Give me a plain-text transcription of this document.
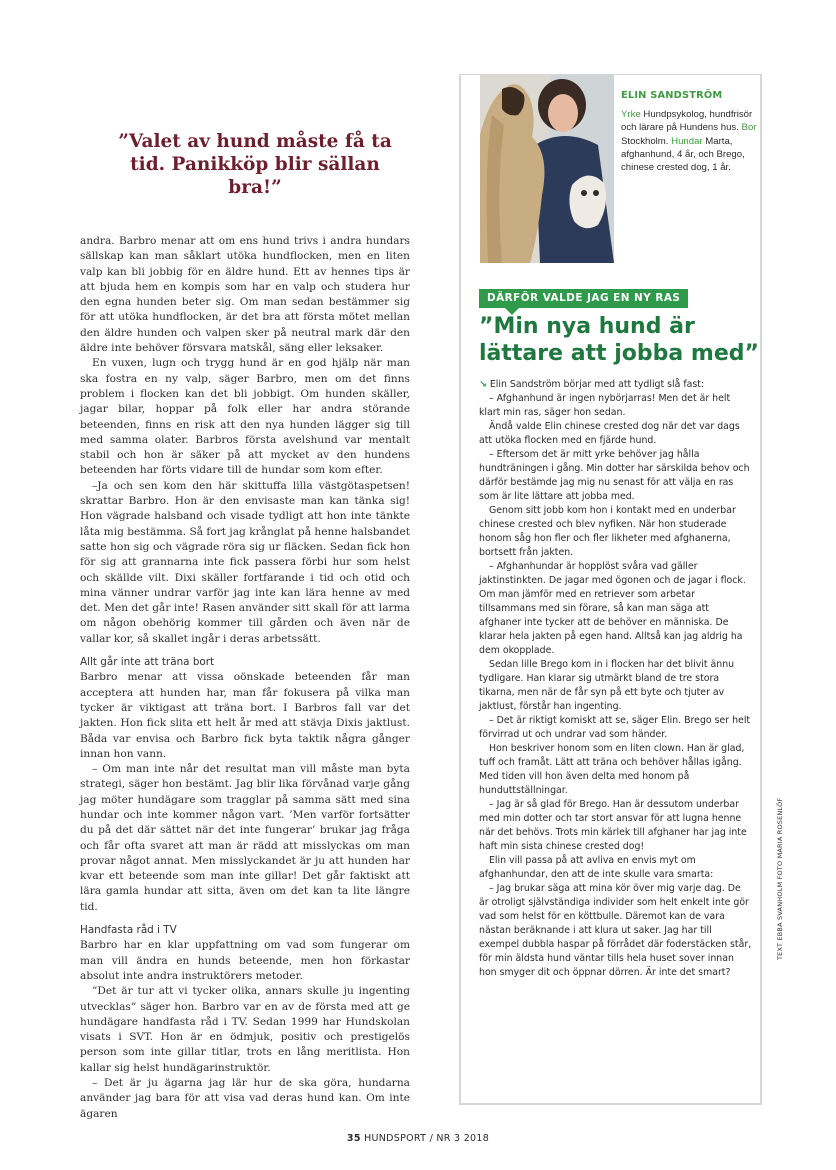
”Valet av hund måste få ta tid. Panikköp blir sällan bra!”

andra. Barbro menar att om ens hund trivs i andra hundars sällskap kan man såklart utöka hundflocken, men en liten valp kan bli jobbig för en äldre hund. Ett av hennes tips är att bjuda hem en kompis som har en valp och studera hur den egna hunden beter sig. Om man sedan bestämmer sig för att utöka hundflocken, är det bra att första mötet mellan den äldre hunden och valpen sker på neutral mark där den äldre inte behöver försvara matskål, säng eller leksaker.

En vuxen, lugn och trygg hund är en god hjälp när man ska fostra en ny valp, säger Barbro, men om det finns problem i flocken kan det bli jobbigt. Om hunden skäller, jagar bilar, hoppar på folk eller har andra störande beteenden, finns en risk att den nya hunden lägger sig till med samma olater. Barbros första avelshund var mentalt stabil och hon är säker på att mycket av den hundens beteenden har förts vidare till de hundar som kom efter.

–Ja och sen kom den här skittuffa lilla västgötaspetsen! skrattar Barbro. Hon är den envisaste man kan tänka sig! Hon vägrade halsband och visade tydligt att hon inte tänkte låta mig bestämma. Så fort jag krånglat på henne halsbandet satte hon sig och vägrade röra sig ur fläcken. Sedan fick hon för sig att grannarna inte fick passera förbi hur som helst och skällde vilt. Dixi skäller fortfarande i tid och otid och mina vänner undrar varför jag inte kan lära henne av med det. Men det går inte! Rasen använder sitt skall för att larma om någon obehörig kommer till gården och även när de vallar kor, så skallet ingår i deras arbetssätt.

Allt går inte att träna bort

Barbro menar att vissa oönskade beteenden får man acceptera att hunden har, man får fokusera på vilka man tycker är viktigast att träna bort. I Barbros fall var det jakten. Hon fick slita ett helt år med att stävja Dixis jaktlust. Båda var envisa och Barbro fick byta taktik några gånger innan hon vann.

– Om man inte når det resultat man vill måste man byta strategi, säger hon bestämt. Jag blir lika förvånad varje gång jag möter hundägare som tragglar på samma sätt med sina hundar och inte kommer någon vart. ’Men varför fortsätter du på det där sättet när det inte fungerar’ brukar jag fråga och får ofta svaret att man är rädd att misslyckas om man provar något annat. Men misslyckandet är ju att hunden har kvar ett beteende som man inte gillar! Det går faktiskt att lära gamla hundar att sitta, även om det kan ta lite längre tid.

Handfasta råd i TV

Barbro har en klar uppfattning om vad som fungerar om man vill ändra en hunds beteende, men hon förkastar absolut inte andra instruktörers metoder.

”Det är tur att vi tycker olika, annars skulle ju ingenting utvecklas” säger hon. Barbro var en av de första med att ge hundägare handfasta råd i TV. Sedan 1999 har Hundskolan visats i SVT. Hon är en ödmjuk, positiv och prestigelös person som inte gillar titlar, trots en lång meritlista. Hon kallar sig helst hundägarinstruktör.

– Det är ju ägarna jag lär hur de ska göra, hundarna använder jag bara för att visa vad deras hund kan. Om inte ägaren

ELIN SANDSTRÖM
Yrke Hundpsykolog, hundfrisör och lärare på Hundens hus. Bor Stockholm. Hundar Marta, afghanhund, 4 år, och Brego, chinese crested dog, 1 år.
DÄRFÖR VALDE JAG EN NY RAS
”Min nya hund är lättare att jobba med”

↘ Elin Sandström börjar med att tydligt slå fast:

– Afghanhund är ingen nybörjarras! Men det är helt klart min ras, säger hon sedan.

Ändå valde Elin chinese crested dog när det var dags att utöka flocken med en fjärde hund.

– Eftersom det är mitt yrke behöver jag hålla hundträningen i gång. Min dotter har särskilda behov och därför bestämde jag mig nu senast för att välja en ras som är lite lättare att jobba med.

Genom sitt jobb kom hon i kontakt med en underbar chinese crested och blev nyfiken. När hon studerade honom såg hon fler och fler likheter med afghanerna, bortsett från jakten.

– Afghanhundar är hopplöst svåra vad gäller jaktinstinkten. De jagar med ögonen och de jagar i flock. Om man jämför med en retriever som arbetar tillsammans med sin förare, så kan man säga att afghaner inte tycker att de behöver en människa. De klarar hela jakten på egen hand. Alltså kan jag aldrig ha dem okopplade.

Sedan lille Brego kom in i flocken har det blivit ännu tydligare. Han klarar sig utmärkt bland de tre stora tikarna, men när de får syn på ett byte och tjuter av jaktlust, förstår han ingenting.

– Det är riktigt komiskt att se, säger Elin. Brego ser helt förvirrad ut och undrar vad som händer.

Hon beskriver honom som en liten clown. Han är glad, tuff och framåt. Lätt att träna och behöver hållas igång. Med tiden vill hon även delta med honom på hunduttställningar.

– Jag är så glad för Brego. Han är dessutom underbar med min dotter och tar stort ansvar för att lugna henne när det behövs. Trots min kärlek till afghaner har jag inte haft min sista chinese crested dog!

Elin vill passa på att avliva en envis myt om afghanhundar, den att de inte skulle vara smarta:

– Jag brukar säga att mina kör över mig varje dag. De är otroligt självständiga individer som helt enkelt inte gör vad som helst för en köttbulle. Däremot kan de vara nästan beräknande i att klura ut saker. Jag har till exempel dubbla haspar på förrådet där foderstäcken står, för min äldsta hund väntar tills hela huset sover innan hon smyger dit och öppnar dörren. Är inte det smart?

TEXT EBBA SVANHOLM FOTO MARIA ROSENLÖF
35 HUNDSPORT / NR 3 2018
